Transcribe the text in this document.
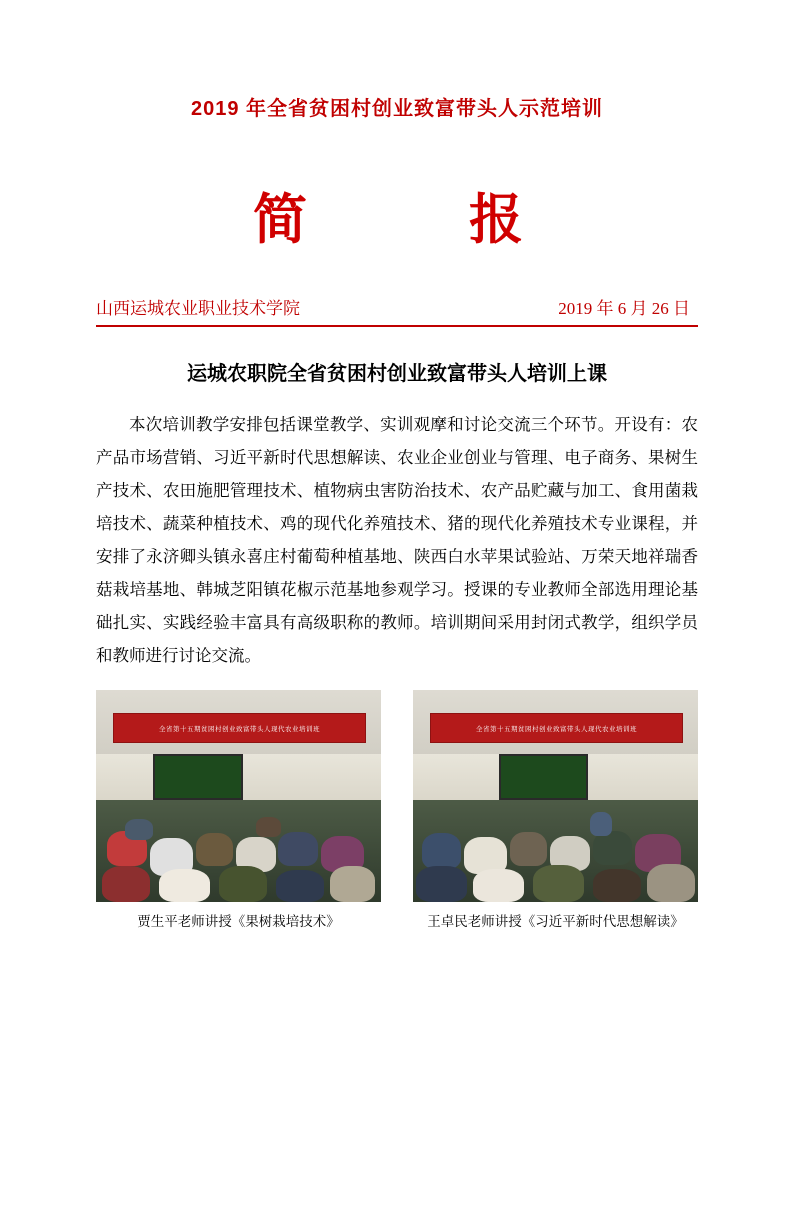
2019 年全省贫困村创业致富带头人示范培训
简　　报
山西运城农业职业技术学院	2019 年 6 月 26 日
运城农职院全省贫困村创业致富带头人培训上课
本次培训教学安排包括课堂教学、实训观摩和讨论交流三个环节。开设有：农产品市场营销、习近平新时代思想解读、农业企业创业与管理、电子商务、果树生产技术、农田施肥管理技术、植物病虫害防治技术、农产品贮藏与加工、食用菌栽培技术、蔬菜种植技术、鸡的现代化养殖技术、猪的现代化养殖技术专业课程，并安排了永济卿头镇永喜庄村葡萄种植基地、陕西白水苹果试验站、万荣天地祥瑞香菇栽培基地、韩城芝阳镇花椒示范基地参观学习。授课的专业教师全部选用理论基础扎实、实践经验丰富具有高级职称的教师。培训期间采用封闭式教学，组织学员和教师进行讨论交流。
全省第十五期贫困村创业致富带头人现代农业培训班
贾生平老师讲授《果树栽培技术》
全省第十五期贫困村创业致富带头人现代农业培训班
王卓民老师讲授《习近平新时代思想解读》
